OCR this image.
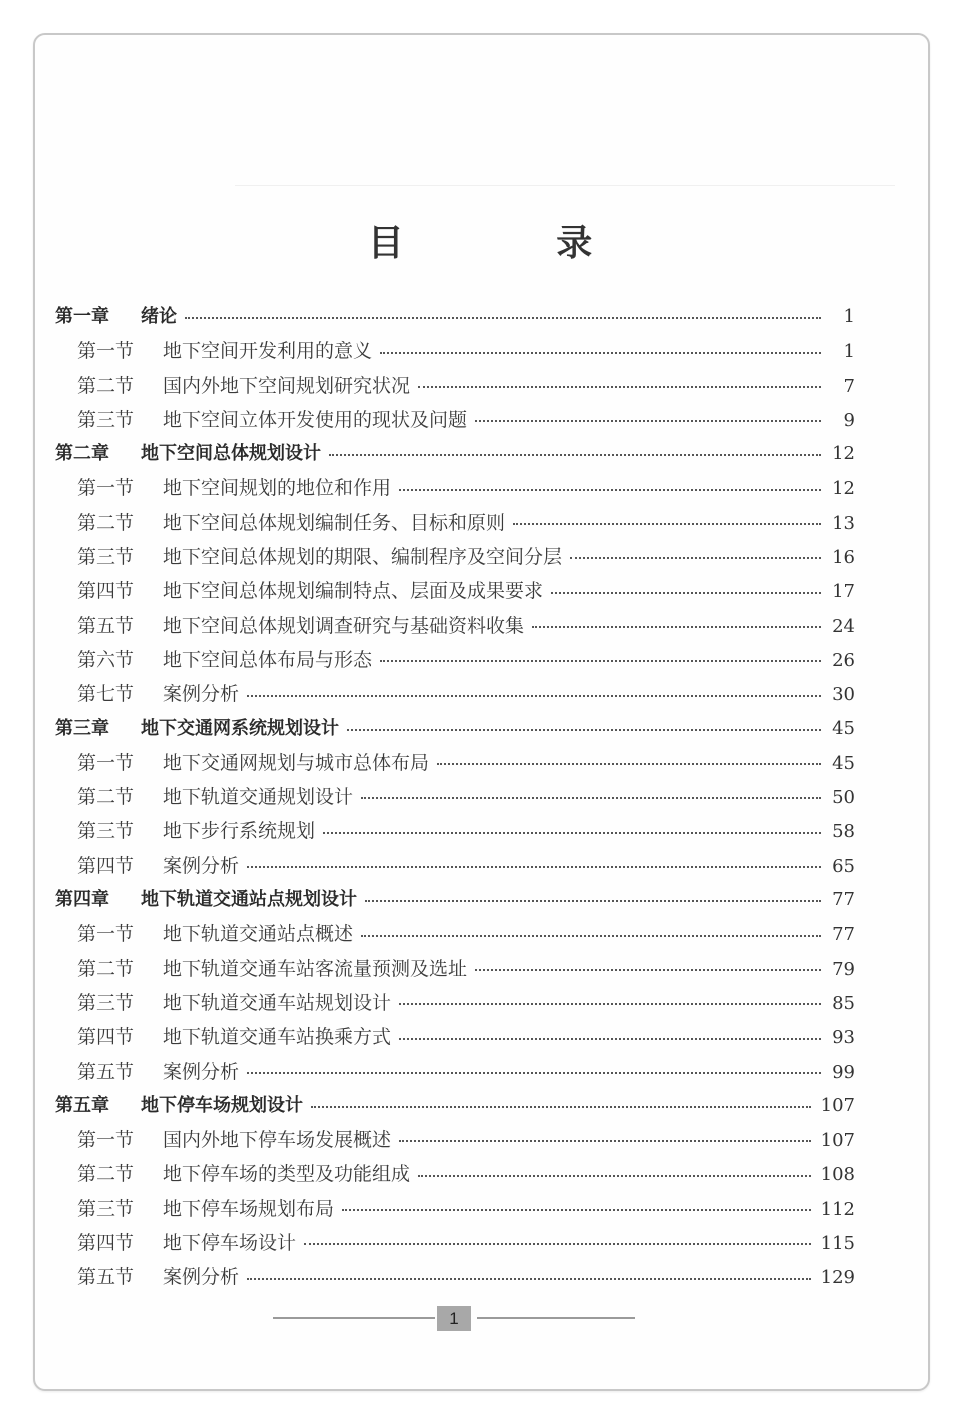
目 录
第一章	绪论	1
第一节	地下空间开发利用的意义	1
第二节	国内外地下空间规划研究状况	7
第三节	地下空间立体开发使用的现状及问题	9
第二章	地下空间总体规划设计	12
第一节	地下空间规划的地位和作用	12
第二节	地下空间总体规划编制任务、目标和原则	13
第三节	地下空间总体规划的期限、编制程序及空间分层	16
第四节	地下空间总体规划编制特点、层面及成果要求	17
第五节	地下空间总体规划调查研究与基础资料收集	24
第六节	地下空间总体布局与形态	26
第七节	案例分析	30
第三章	地下交通网系统规划设计	45
第一节	地下交通网规划与城市总体布局	45
第二节	地下轨道交通规划设计	50
第三节	地下步行系统规划	58
第四节	案例分析	65
第四章	地下轨道交通站点规划设计	77
第一节	地下轨道交通站点概述	77
第二节	地下轨道交通车站客流量预测及选址	79
第三节	地下轨道交通车站规划设计	85
第四节	地下轨道交通车站换乘方式	93
第五节	案例分析	99
第五章	地下停车场规划设计	107
第一节	国内外地下停车场发展概述	107
第二节	地下停车场的类型及功能组成	108
第三节	地下停车场规划布局	112
第四节	地下停车场设计	115
第五节	案例分析	129
1
